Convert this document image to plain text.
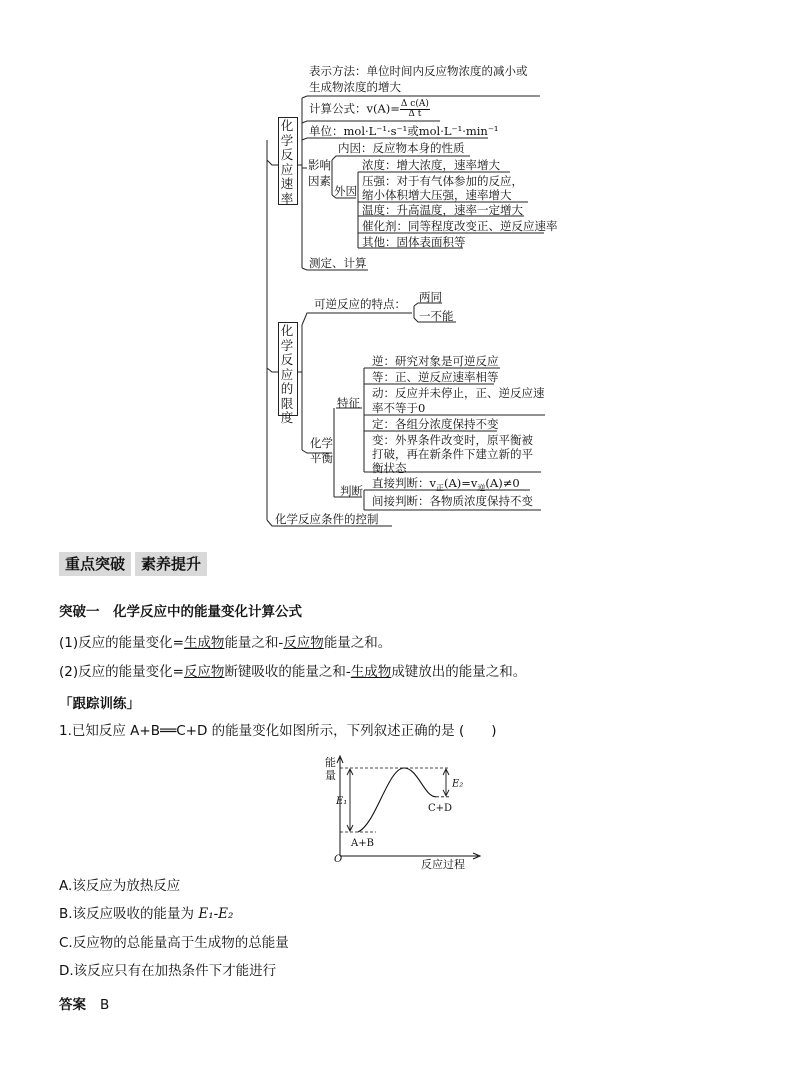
化学反应速率
化学反应的限度
表示方法：单位时间内反应物浓度的减小或
生成物浓度的增大
计算公式：$v(A)= \frac{\text{Δ c(A)}}{\text{Δ t}}$
单位：mol·L⁻¹·s⁻¹或mol·L⁻¹·min⁻¹
影响
因素
内因：反应物本身的性质
外因
浓度：增大浓度，速率增大
压强：对于有气体参加的反应，
缩小体积增大压强，速率增大
温度：升高温度，速率一定增大
催化剂：同等程度改变正、逆反应速率
其他：固体表面积等
测定、计算
可逆反应的特点： 两同
一不能
化学
平衡
特征
逆：研究对象是可逆反应
等：正、逆反应速率相等
动：反应并未停止，正、逆反应速
率不等于0
定：各组分浓度保持不变
变：外界条件改变时，原平衡被
打破，再在新条件下建立新的平
衡状态
判断
直接判断：$v_正(A)=v_逆(A)\ne 0$
间接判断：各物质浓度保持不变
化学反应条件的控制
重点突破	素养提升
突破一　化学反应中的能量变化计算公式
(1)反应的能量变化=生成物能量之和-反应物能量之和。
(2)反应的能量变化=反应物断键吸收的能量之和-生成物成键放出的能量之和。
「跟踪训练」
1.已知反应 A+B══C+D 的能量变化如图所示，下列叙述正确的是 (　　)
能
量
O	反应过程
E₁
E₂
A+B
C+D
A.该反应为放热反应
B.该反应吸收的能量为 E₁-E₂
C.反应物的总能量高于生成物的总能量
D.该反应只有在加热条件下才能进行
答案 B
